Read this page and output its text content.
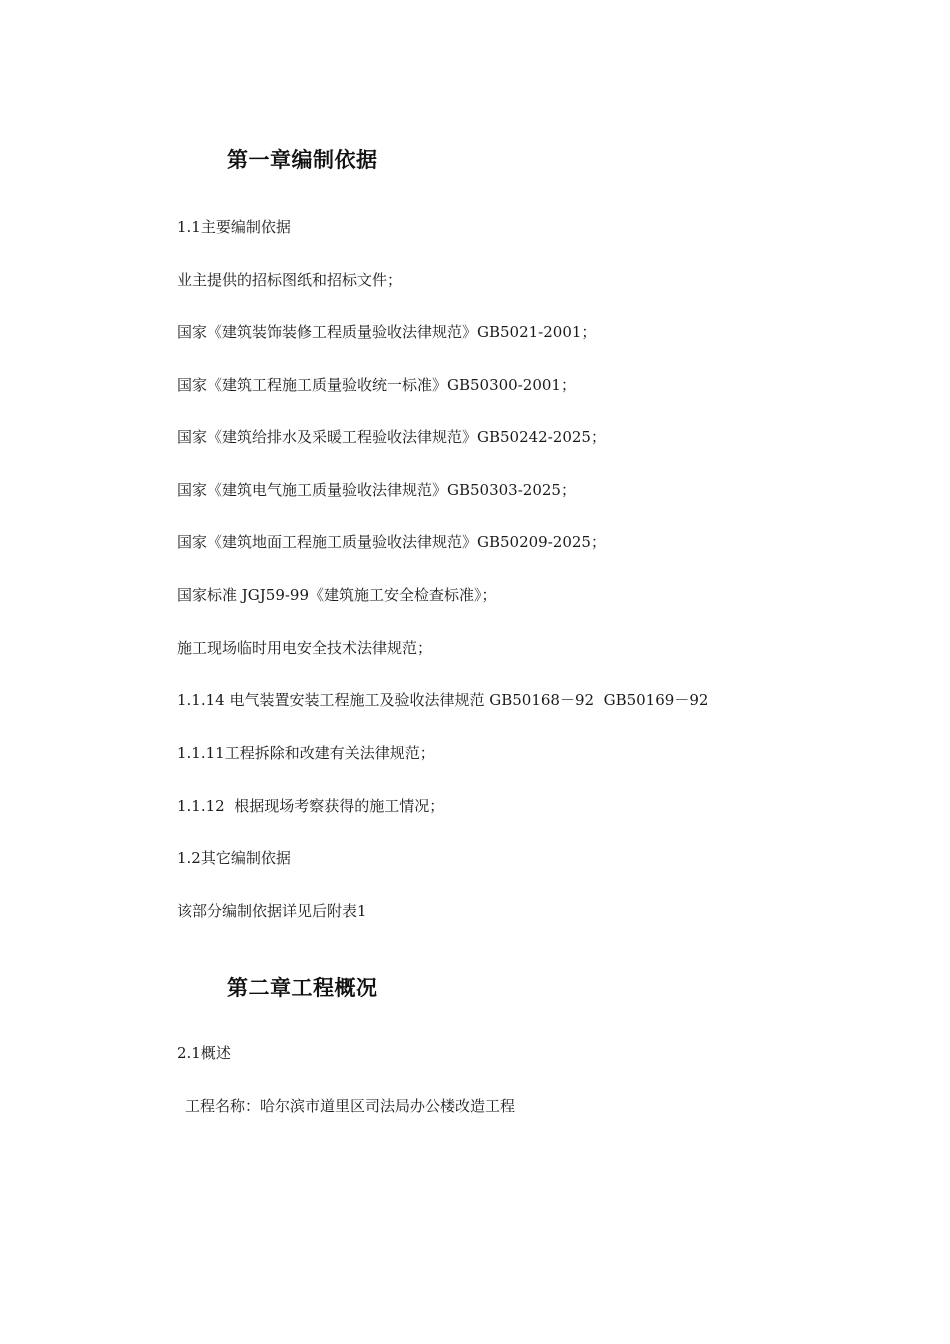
第一章编制依据
1.1主要编制依据
业主提供的招标图纸和招标文件；
国家《建筑装饰装修工程质量验收法律规范》GB5021-2001；
国家《建筑工程施工质量验收统一标准》GB50300-2001；
国家《建筑给排水及采暖工程验收法律规范》GB50242-2025；
国家《建筑电气施工质量验收法律规范》GB50303-2025；
国家《建筑地面工程施工质量验收法律规范》GB50209-2025；
国家标准 JGJ59-99《建筑施工安全检查标准》；
施工现场临时用电安全技术法律规范；
1.1.14 电气装置安装工程施工及验收法律规范 GB50168－92  GB50169－92
1.1.11工程拆除和改建有关法律规范；
1.1.12  根据现场考察获得的施工情况；
1.2其它编制依据
该部分编制依据详见后附表1
第二章工程概况
2.1概述
工程名称：哈尔滨市道里区司法局办公楼改造工程
